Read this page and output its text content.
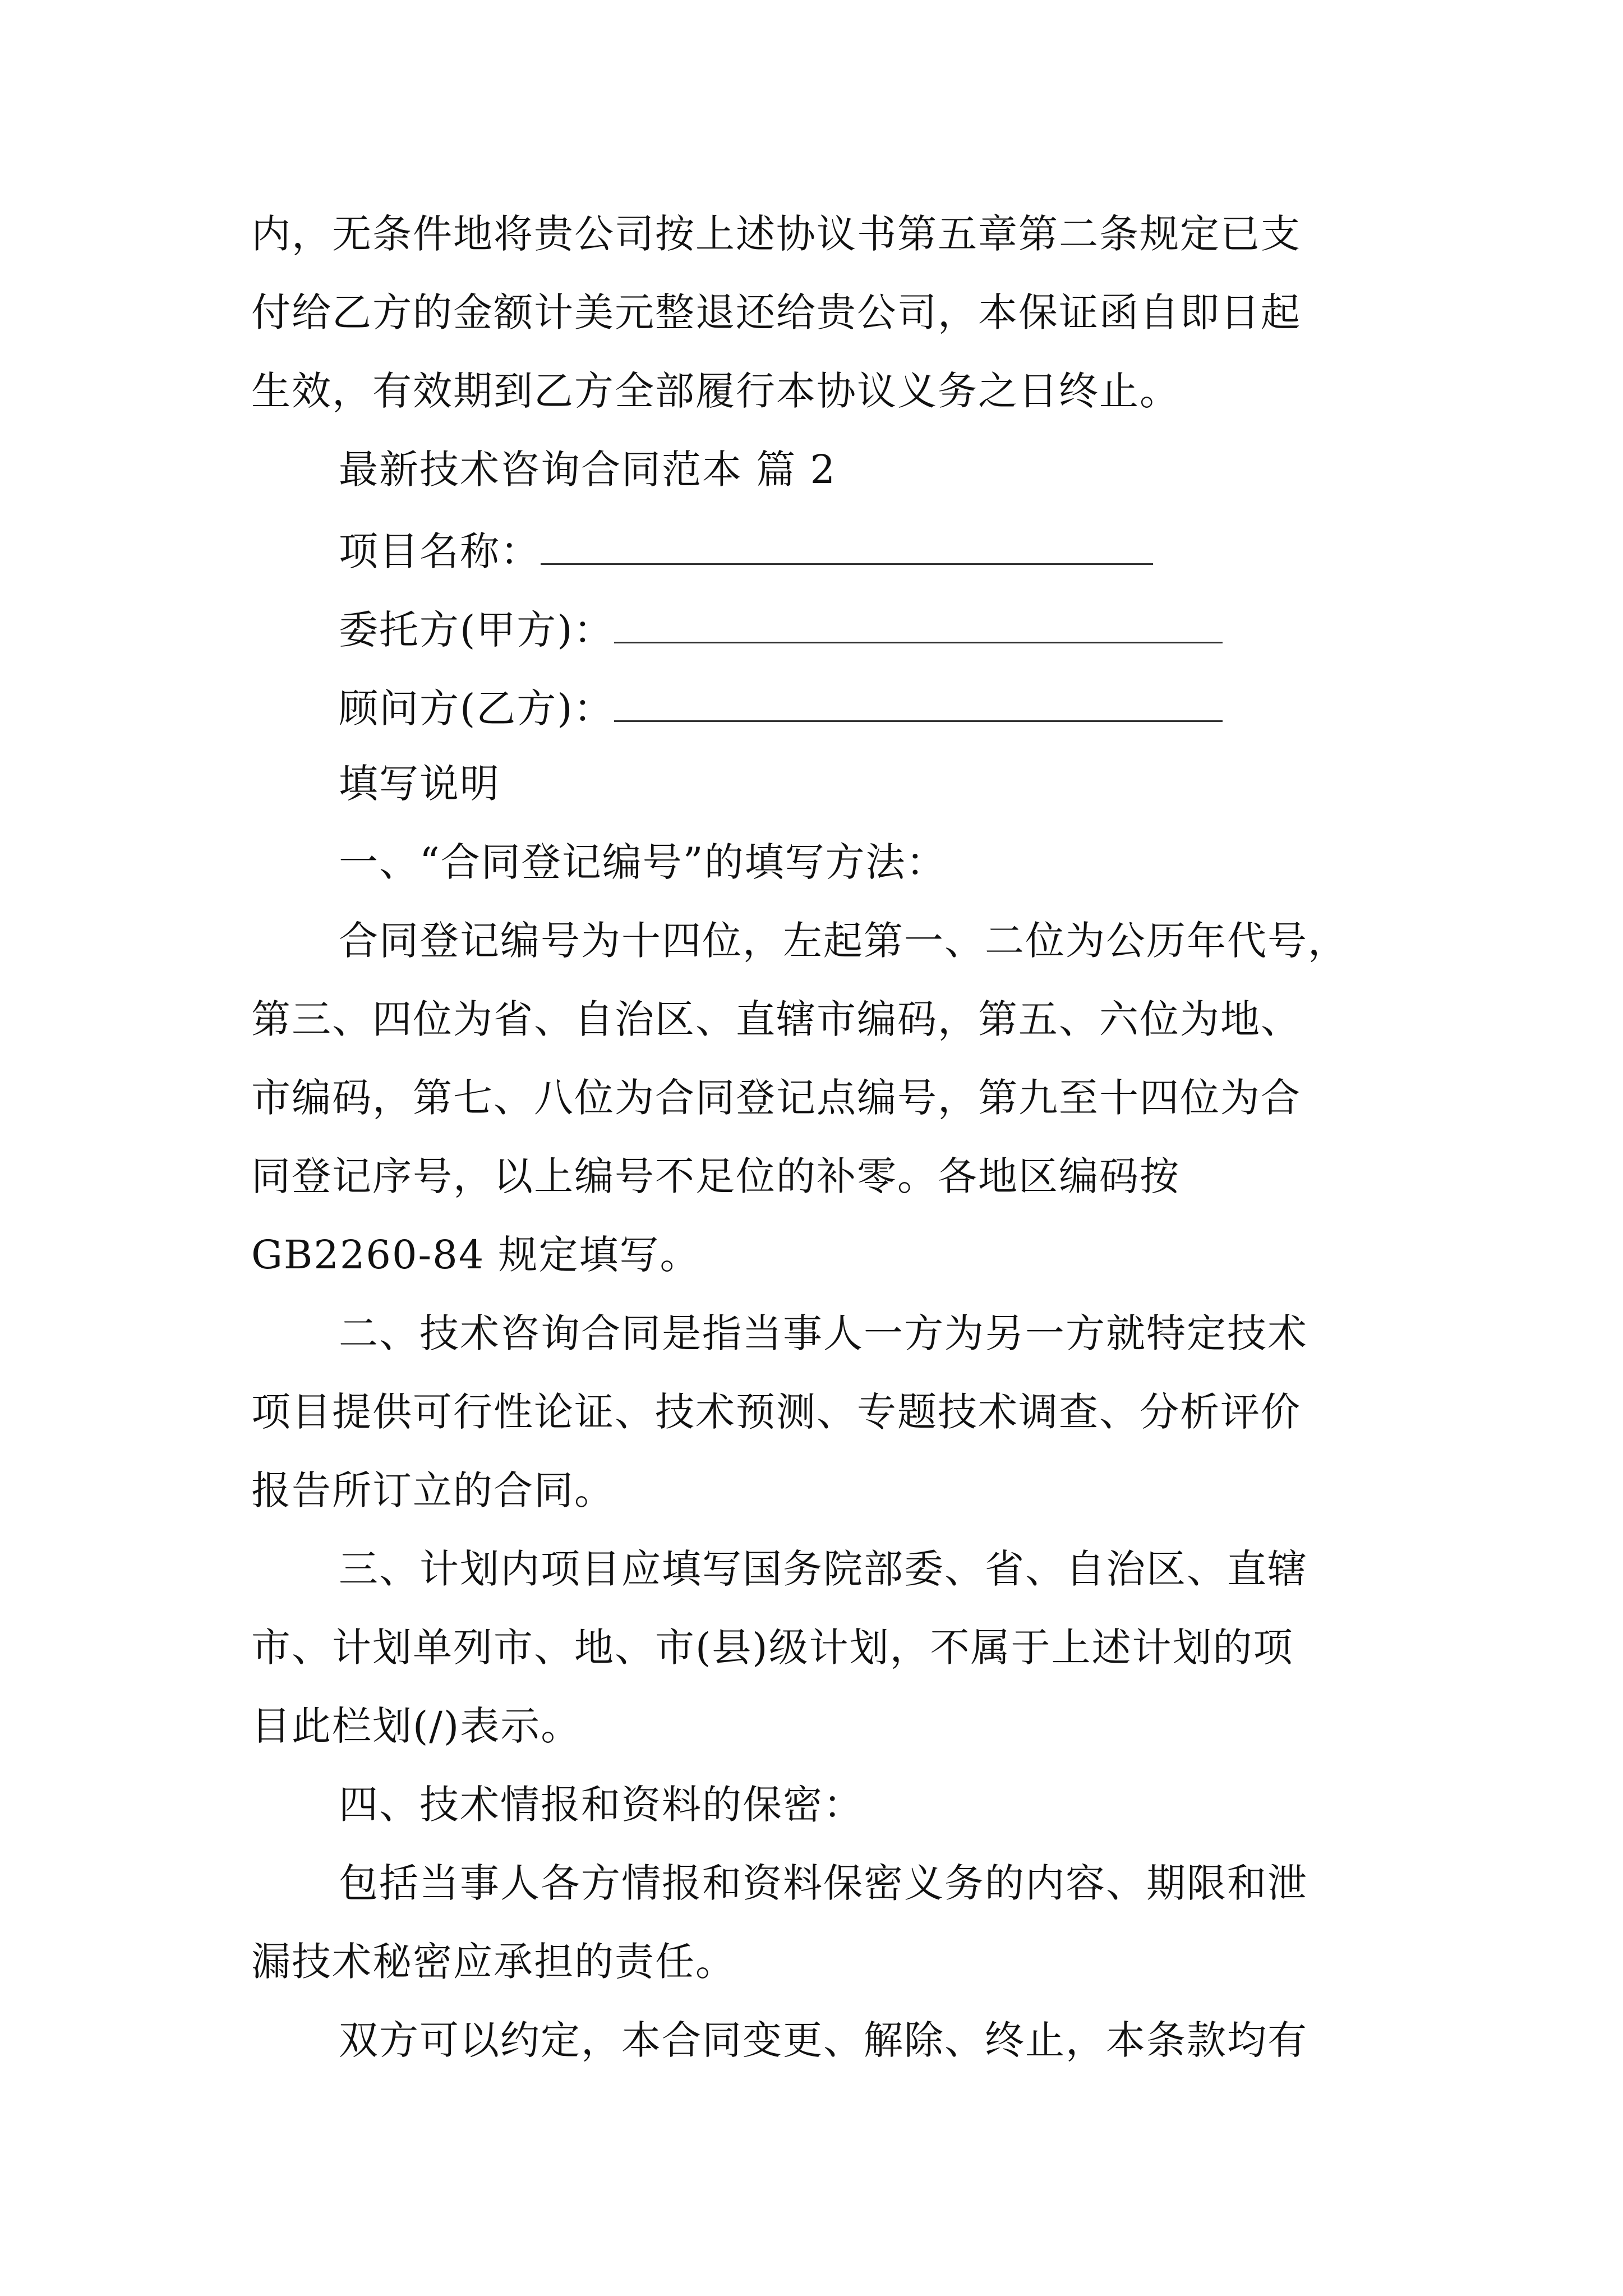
内，无条件地将贵公司按上述协议书第五章第二条规定已支
付给乙方的金额计美元整退还给贵公司，本保证函自即日起
生效，有效期到乙方全部履行本协议义务之日终止。
最新技术咨询合同范本 篇 2
项目名称：
委托方(甲方)：
顾问方(乙方)：
填写说明
一、“合同登记编号”的填写方法：
合同登记编号为十四位，左起第一、二位为公历年代号，
第三、四位为省、自治区、直辖市编码，第五、六位为地、
市编码，第七、八位为合同登记点编号，第九至十四位为合
同登记序号，以上编号不足位的补零。各地区编码按
GB2260-84 规定填写。
二、技术咨询合同是指当事人一方为另一方就特定技术
项目提供可行性论证、技术预测、专题技术调查、分析评价
报告所订立的合同。
三、计划内项目应填写国务院部委、省、自治区、直辖
市、计划单列市、地、市(县)级计划，不属于上述计划的项
目此栏划(/)表示。
四、技术情报和资料的保密：
包括当事人各方情报和资料保密义务的内容、期限和泄
漏技术秘密应承担的责任。
双方可以约定，本合同变更、解除、终止，本条款均有
